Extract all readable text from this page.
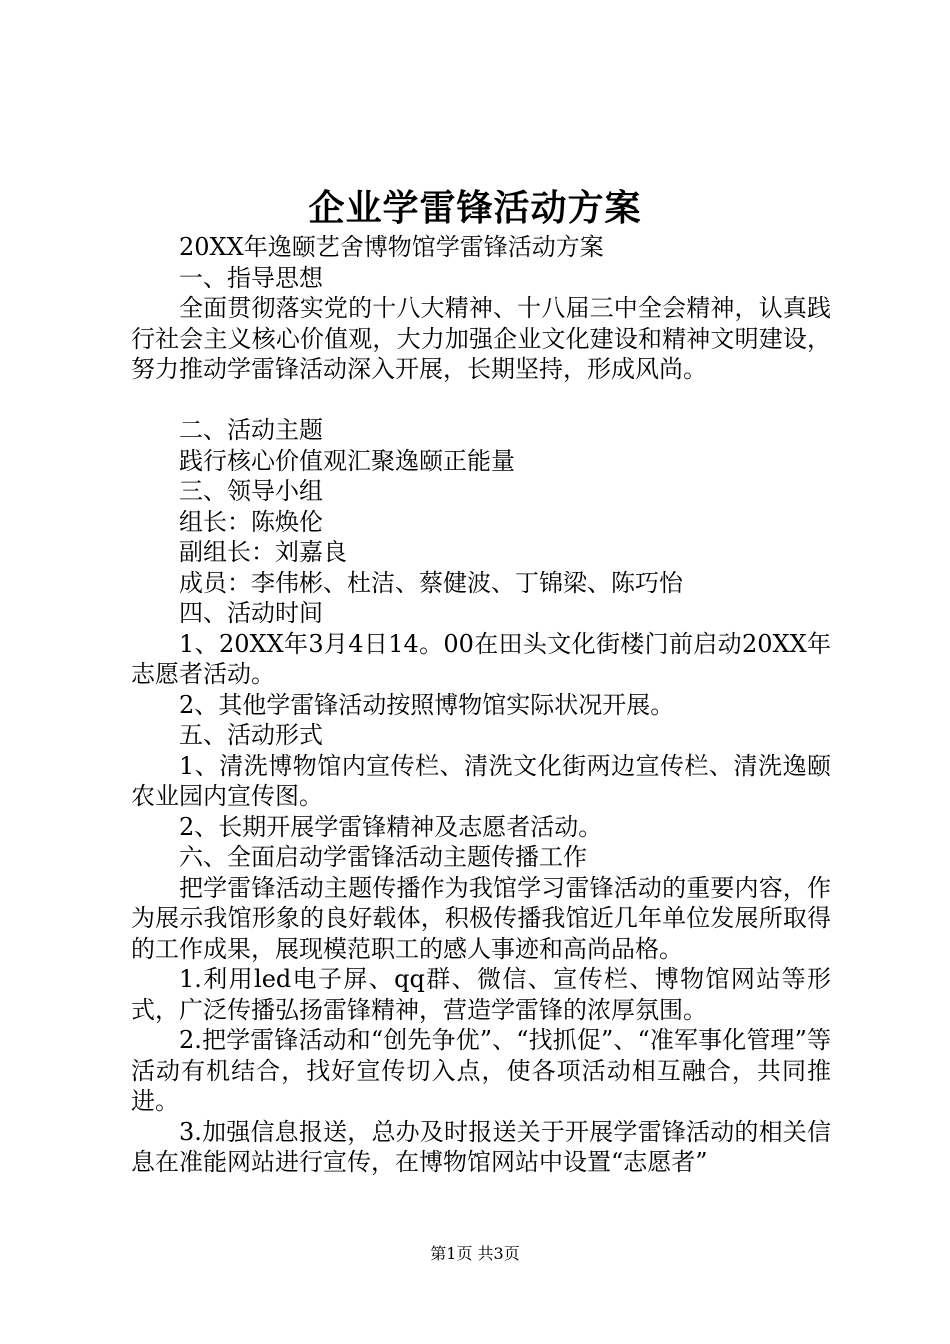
企业学雷锋活动方案

20XX年逸颐艺舍博物馆学雷锋活动方案

一、指导思想

全面贯彻落实党的十八大精神、十八届三中全会精神，认真践行社会主义核心价值观，大力加强企业文化建设和精神文明建设，努力推动学雷锋活动深入开展，长期坚持，形成风尚。

二、活动主题

践行核心价值观汇聚逸颐正能量

三、领导小组

组长：陈焕伦

副组长：刘嘉良

成员：李伟彬、杜洁、蔡健波、丁锦梁、陈巧怡

四、活动时间

1、20XX年3月4日14。00在田头文化街楼门前启动20XX年志愿者活动。

2、其他学雷锋活动按照博物馆实际状况开展。

五、活动形式

1、清洗博物馆内宣传栏、清洗文化街两边宣传栏、清洗逸颐农业园内宣传图。

2、长期开展学雷锋精神及志愿者活动。

六、全面启动学雷锋活动主题传播工作

把学雷锋活动主题传播作为我馆学习雷锋活动的重要内容，作为展示我馆形象的良好载体，积极传播我馆近几年单位发展所取得的工作成果，展现模范职工的感人事迹和高尚品格。

1.利用led电子屏、qq群、微信、宣传栏、博物馆网站等形式，广泛传播弘扬雷锋精神，营造学雷锋的浓厚氛围。

2.把学雷锋活动和“创先争优”、“找抓促”、“准军事化管理”等活动有机结合，找好宣传切入点，使各项活动相互融合，共同推进。

3.加强信息报送，总办及时报送关于开展学雷锋活动的相关信息在准能网站进行宣传，在博物馆网站中设置“志愿者”

第1页 共3页
